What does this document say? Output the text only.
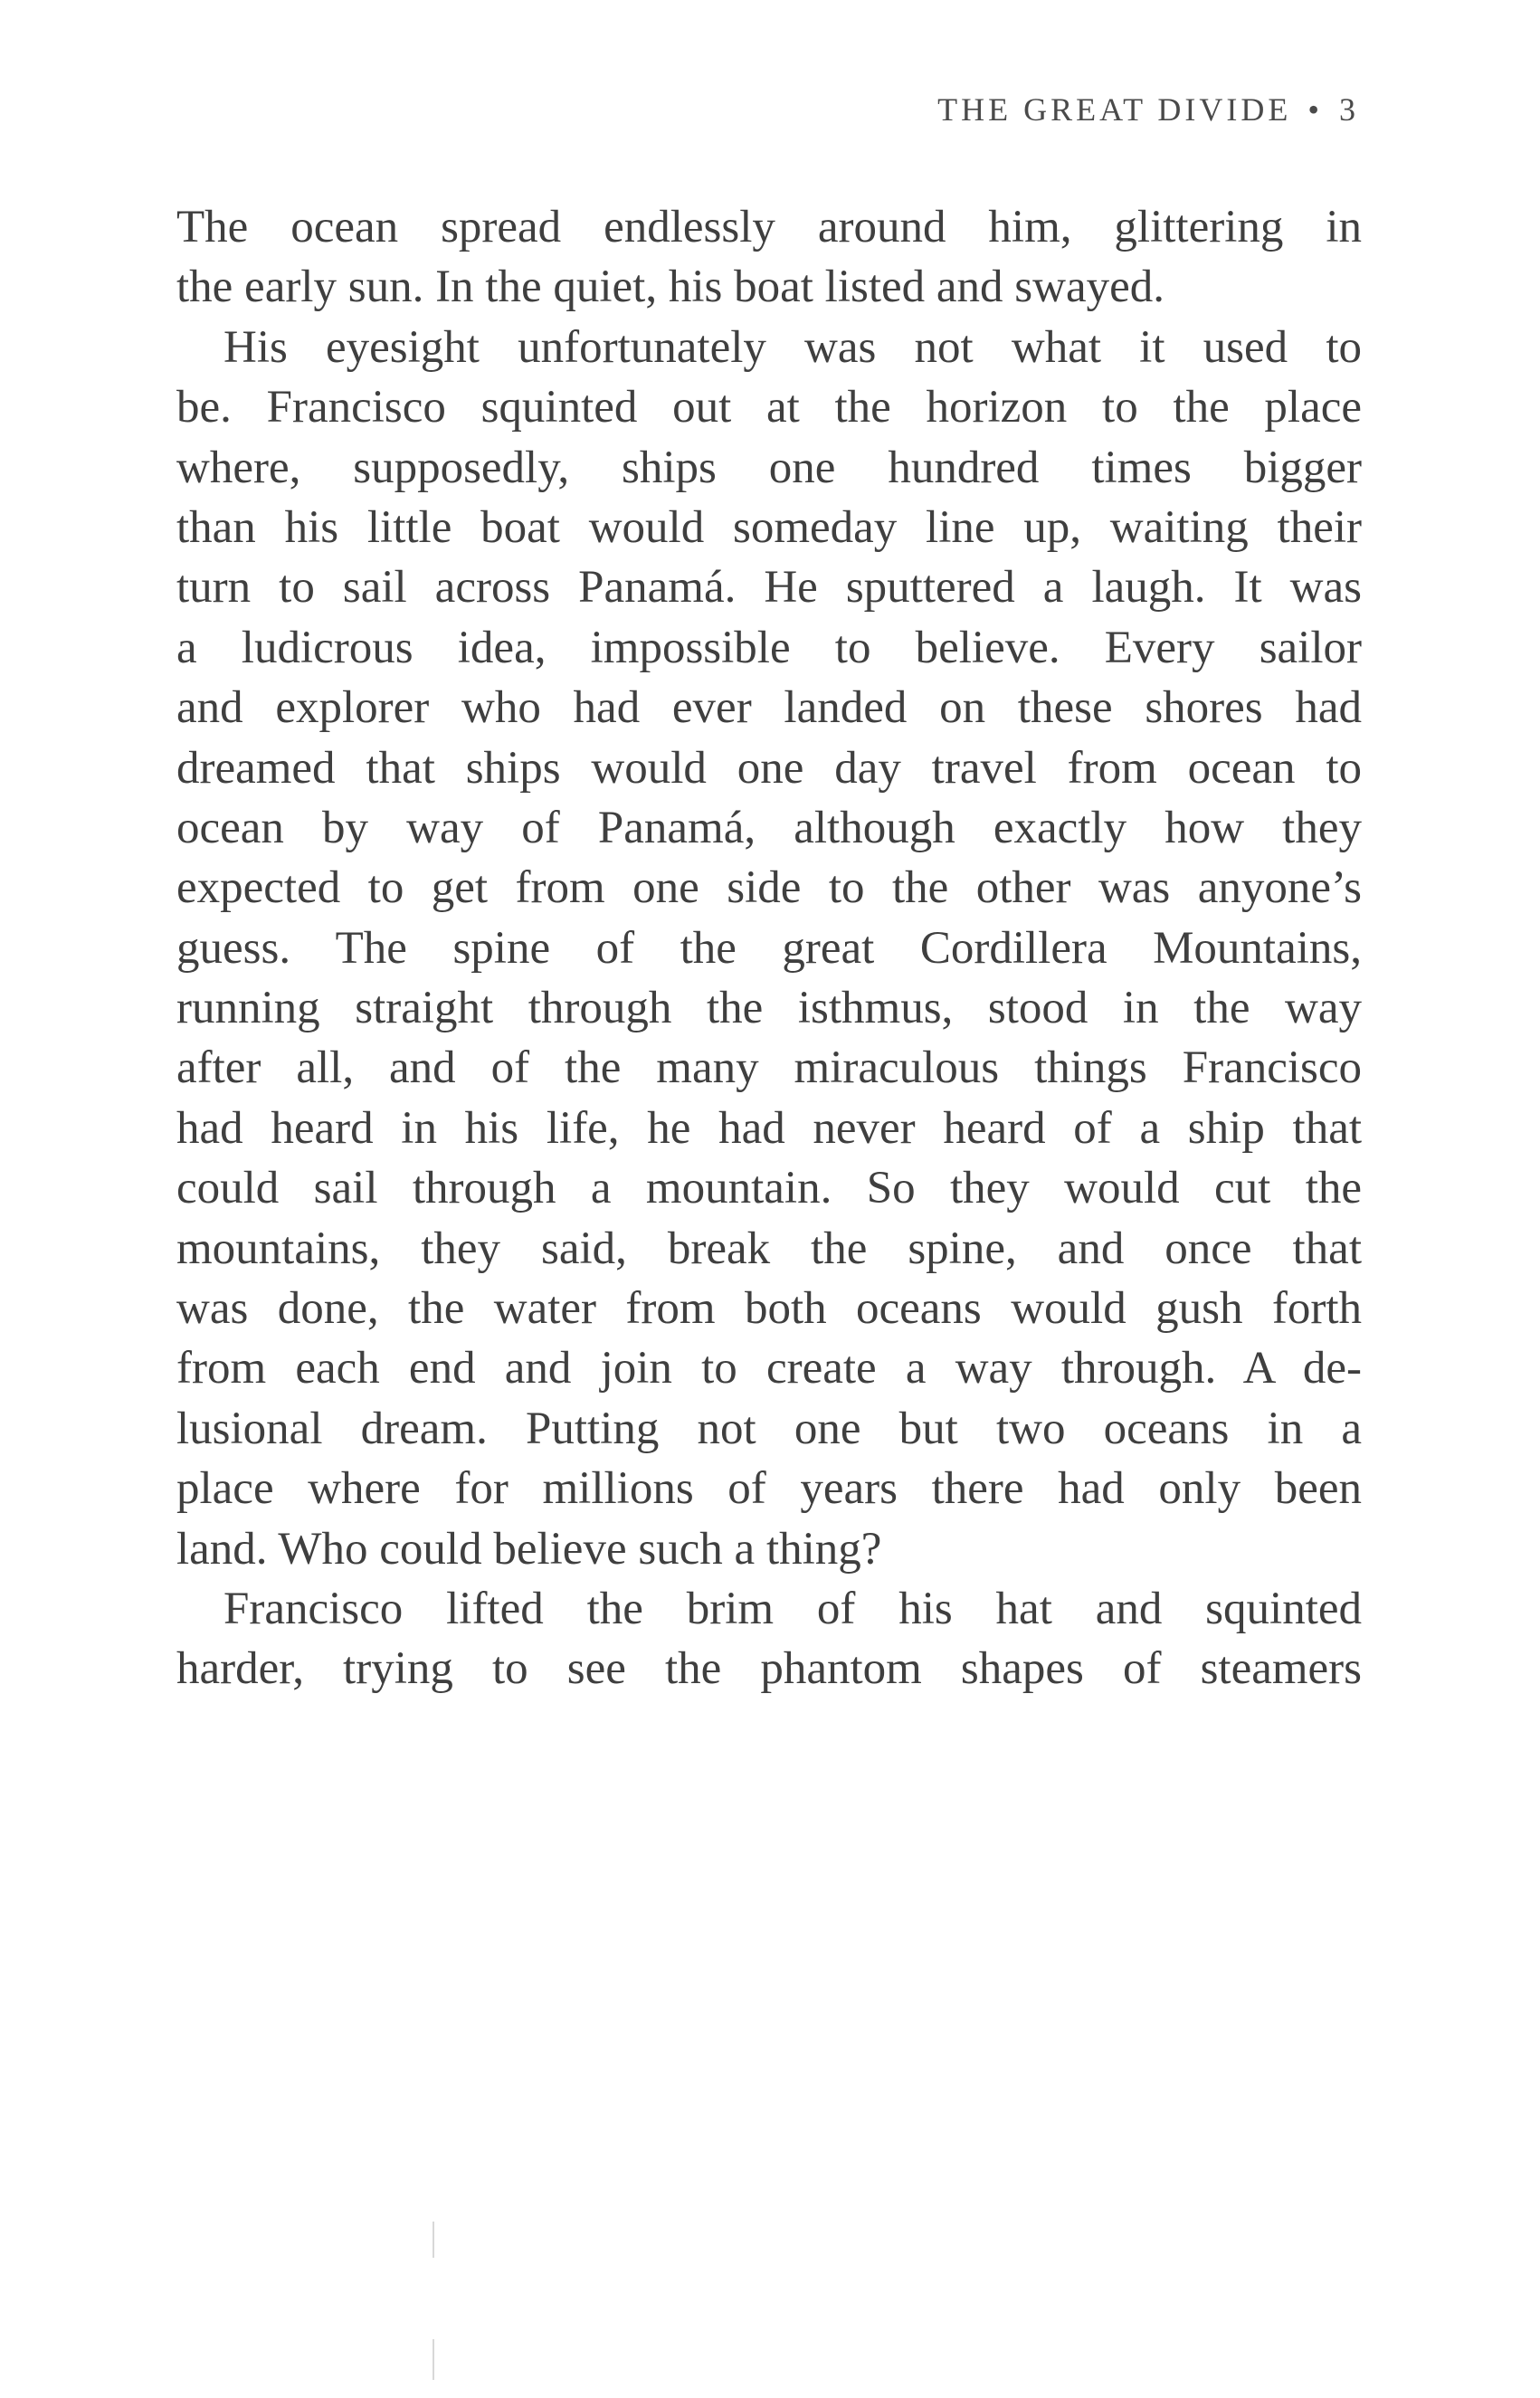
THE GREAT DIVIDE • 3
The ocean spread endlessly around him, glittering in
the early sun. In the quiet, his boat listed and swayed.
His eyesight unfortunately was not what it used to
be. Francisco squinted out at the horizon to the place
where, supposedly, ships one hundred times bigger
than his little boat would someday line up, waiting their
turn to sail across Panamá. He sputtered a laugh. It was
a ludicrous idea, impossible to believe. Every sailor
and explorer who had ever landed on these shores had
dreamed that ships would one day travel from ocean to
ocean by way of Panamá, although exactly how they
expected to get from one side to the other was anyone’s
guess. The spine of the great Cordillera Mountains,
running straight through the isthmus, stood in the way
after all, and of the many miraculous things Francisco
had heard in his life, he had never heard of a ship that
could sail through a mountain. So they would cut the
mountains, they said, break the spine, and once that
was done, the water from both oceans would gush forth
from each end and join to create a way through. A de-
lusional dream. Putting not one but two oceans in a
place where for millions of years there had only been
land. Who could believe such a thing?
Francisco lifted the brim of his hat and squinted
harder, trying to see the phantom shapes of steamers
